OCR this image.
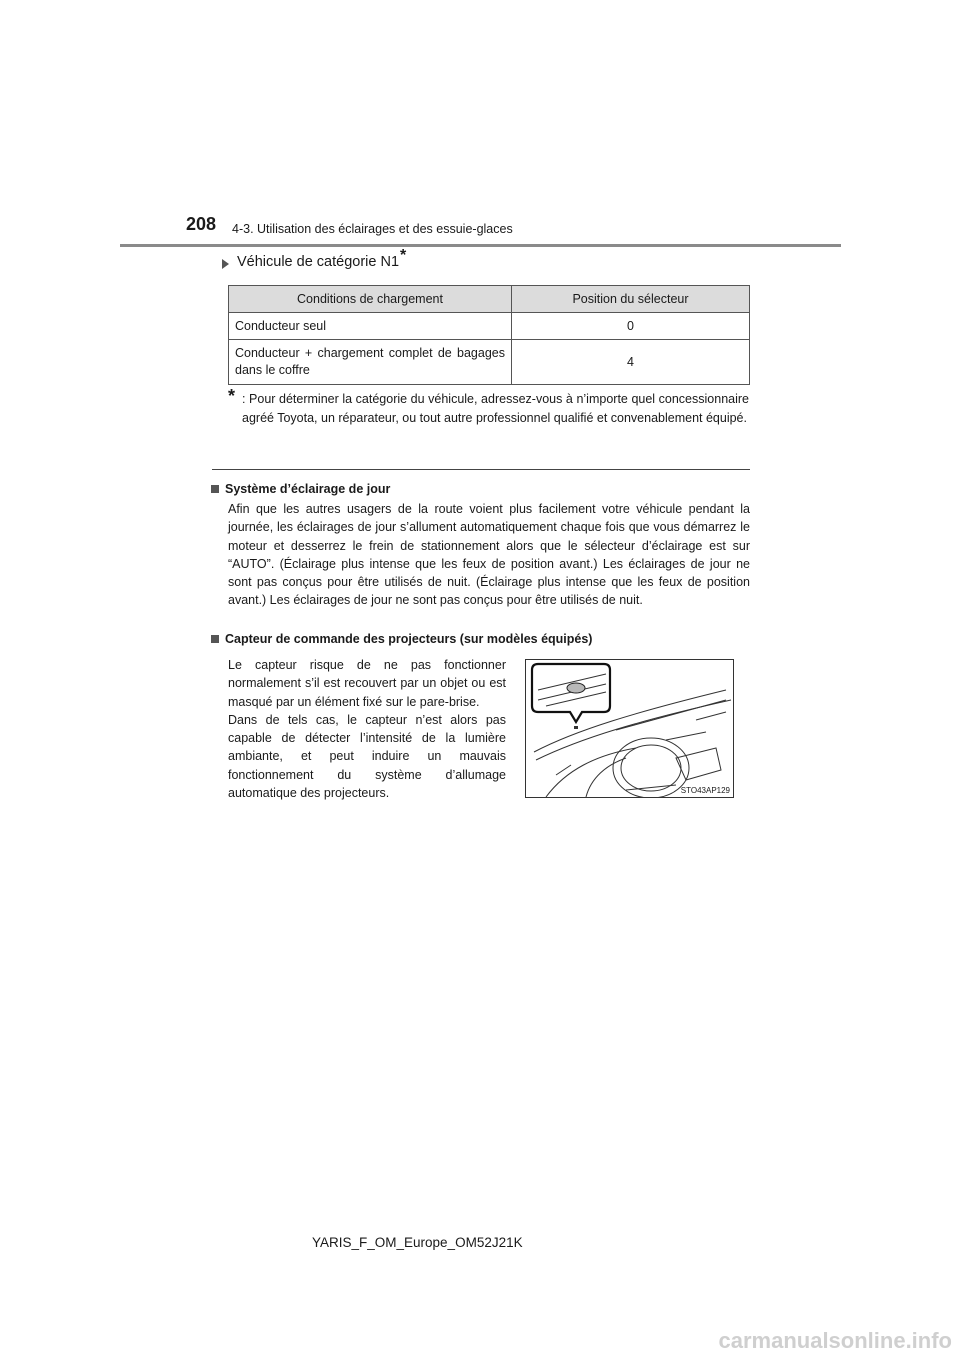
208 4-3. Utilisation des éclairages et des essuie-glaces
Véhicule de catégorie N1*
Conditions de chargement	Position du sélecteur
Conducteur seul	0

Conducteur + chargement complet de bagages dans le coffre	4
* : Pour déterminer la catégorie du véhicule, adressez-vous à n’importe quel concessionnaire agréé Toyota, un réparateur, ou tout autre professionnel qualifié et convenablement équipé.
Système d’éclairage de jour
Afin que les autres usagers de la route voient plus facilement votre véhicule pendant la journée, les éclairages de jour s’allument automatiquement chaque fois que vous démarrez le moteur et desserrez le frein de stationnement alors que le sélecteur d’éclairage est sur “AUTO”. (Éclairage plus intense que les feux de position avant.) Les éclairages de jour ne sont pas conçus pour être utilisés de nuit. (Éclairage plus intense que les feux de position avant.) Les éclairages de jour ne sont pas conçus pour être utilisés de nuit.
Capteur de commande des projecteurs (sur modèles équipés)

Le capteur risque de ne pas fonctionner normalement s’il est recouvert par un objet ou est masqué par un élément fixé sur le pare-brise.

Dans de tels cas, le capteur n’est alors pas capable de détecter l’intensité de la lumière ambiante, et peut induire un mauvais fonctionnement du système d’allumage automatique des projecteurs.	STO43AP129
YARIS_F_OM_Europe_OM52J21K
carmanualsonline.info
